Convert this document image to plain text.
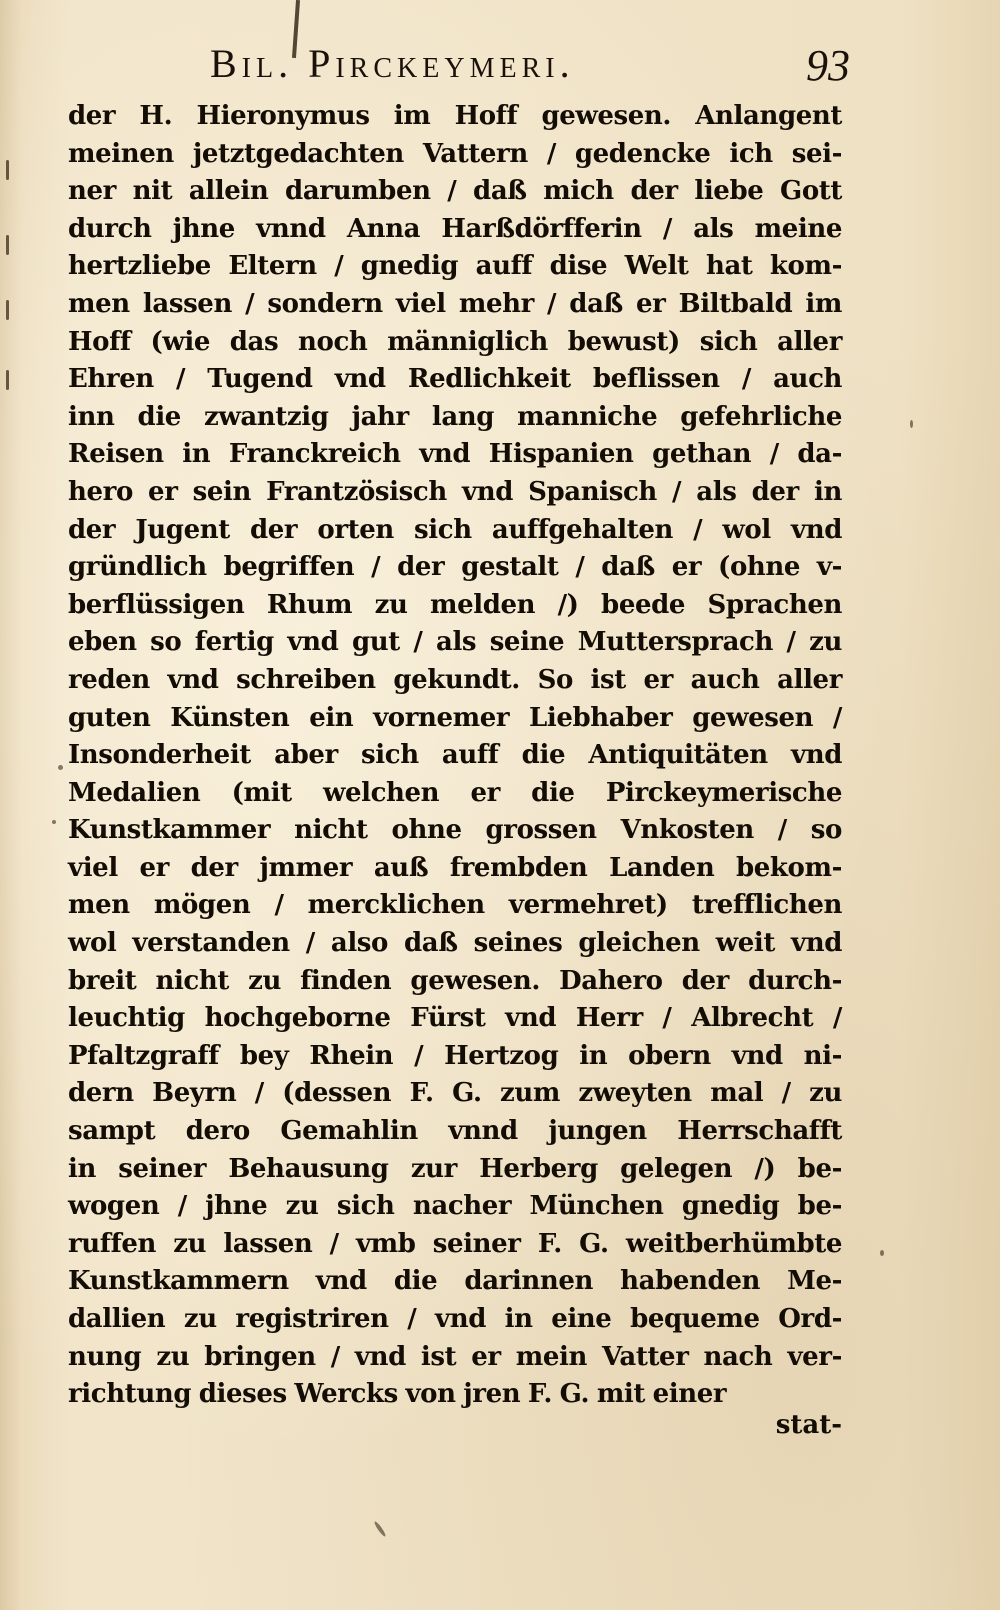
Bil. Pirckeymeri.	93
der H. Hieronymus im Hoff gewesen. Anlangent
meinen jetztgedachten Vattern / gedencke ich sei-
ner nit allein darumben / daß mich der liebe Gott
durch jhne vnnd Anna Harßdörfferin / als meine
hertzliebe Eltern / gnedig auff dise Welt hat kom-
men lassen / sondern viel mehr / daß er Biltbald im
Hoff (wie das noch männiglich bewust) sich aller
Ehren / Tugend vnd Redlichkeit beflissen / auch
inn die zwantzig jahr lang manniche gefehrliche
Reisen in Franckreich vnd Hispanien gethan / da-
hero er sein Frantzösisch vnd Spanisch / als der in
der Jugent der orten sich auffgehalten / wol vnd
gründlich begriffen / der gestalt / daß er (ohne v-
berflüssigen Rhum zu melden /) beede Sprachen
eben so fertig vnd gut / als seine Muttersprach / zu
reden vnd schreiben gekundt. So ist er auch aller
guten Künsten ein vornemer Liebhaber gewesen /
Insonderheit aber sich auff die Antiquitäten vnd
Medalien (mit welchen er die Pirckeymerische
Kunstkammer nicht ohne grossen Vnkosten / so
viel er der jmmer auß frembden Landen bekom-
men mögen / mercklichen vermehret) trefflichen
wol verstanden / also daß seines gleichen weit vnd
breit nicht zu finden gewesen. Dahero der durch-
leuchtig hochgeborne Fürst vnd Herr / Albrecht /
Pfaltzgraff bey Rhein / Hertzog in obern vnd ni-
dern Beyrn / (dessen F. G. zum zweyten mal / zu
sampt dero Gemahlin vnnd jungen Herrschafft
in seiner Behausung zur Herberg gelegen /) be-
wogen / jhne zu sich nacher München gnedig be-
ruffen zu lassen / vmb seiner F. G. weitberhümbte
Kunstkammern vnd die darinnen habenden Me-
dallien zu registriren / vnd in eine bequeme Ord-
nung zu bringen / vnd ist er mein Vatter nach ver-
richtung dieses Wercks von jren F. G. mit einer
stat-
